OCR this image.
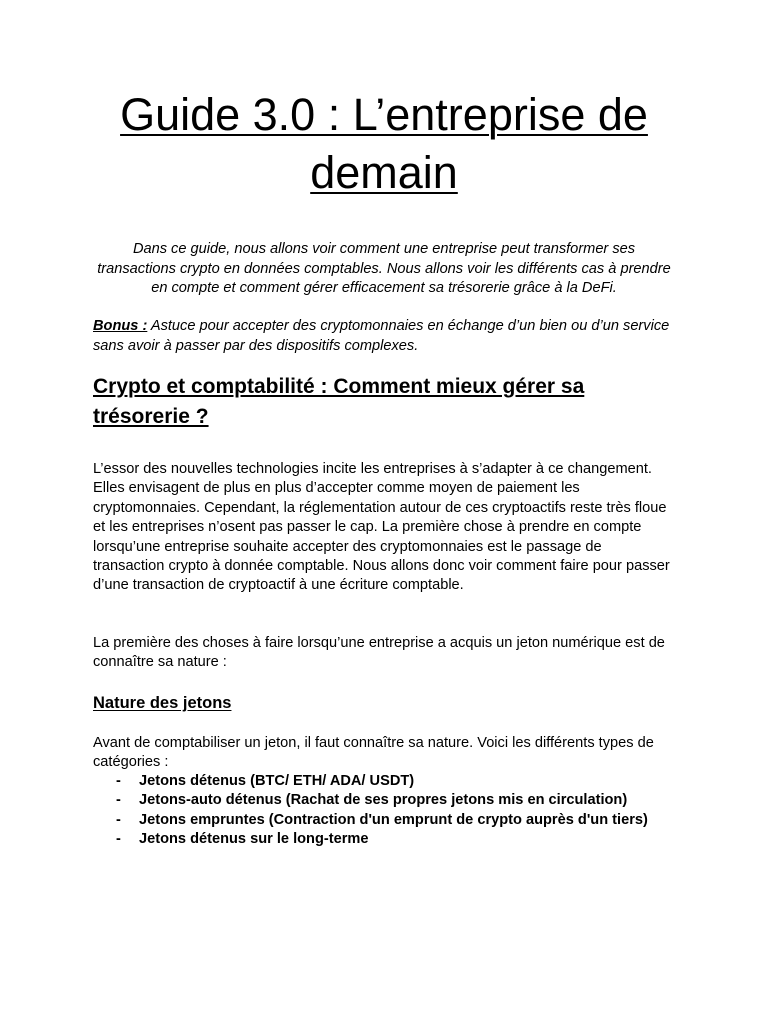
Guide 3.0 : L’entreprise de demain

Dans ce guide, nous allons voir comment une entreprise peut transformer ses transactions crypto en données comptables. Nous allons voir les différents cas à prendre en compte et comment gérer efficacement sa trésorerie grâce à la DeFi.

Bonus : Astuce pour accepter des cryptomonnaies en échange d’un bien ou d’un service sans avoir à passer par des dispositifs complexes.

Crypto et comptabilité : Comment mieux gérer sa trésorerie ?

L’essor des nouvelles technologies incite les entreprises à s’adapter à ce changement. Elles envisagent de plus en plus d’accepter comme moyen de paiement les cryptomonnaies. Cependant, la réglementation autour de ces cryptoactifs reste très floue et les entreprises n’osent pas passer le cap. La première chose à prendre en compte lorsqu’une entreprise souhaite accepter des cryptomonnaies est le passage de transaction crypto à donnée comptable. Nous allons donc voir comment faire pour passer d’une transaction de cryptoactif à une écriture comptable.

La première des choses à faire lorsqu’une entreprise a acquis un jeton numérique est de connaître sa nature :

Nature des jetons

Avant de comptabiliser un jeton, il faut connaître sa nature. Voici les différents types de catégories :

- Jetons détenus (BTC/ ETH/ ADA/ USDT)
- Jetons-auto détenus (Rachat de ses propres jetons mis en circulation)
- Jetons empruntes (Contraction d'un emprunt de crypto auprès d'un tiers)
- Jetons détenus sur le long-terme
